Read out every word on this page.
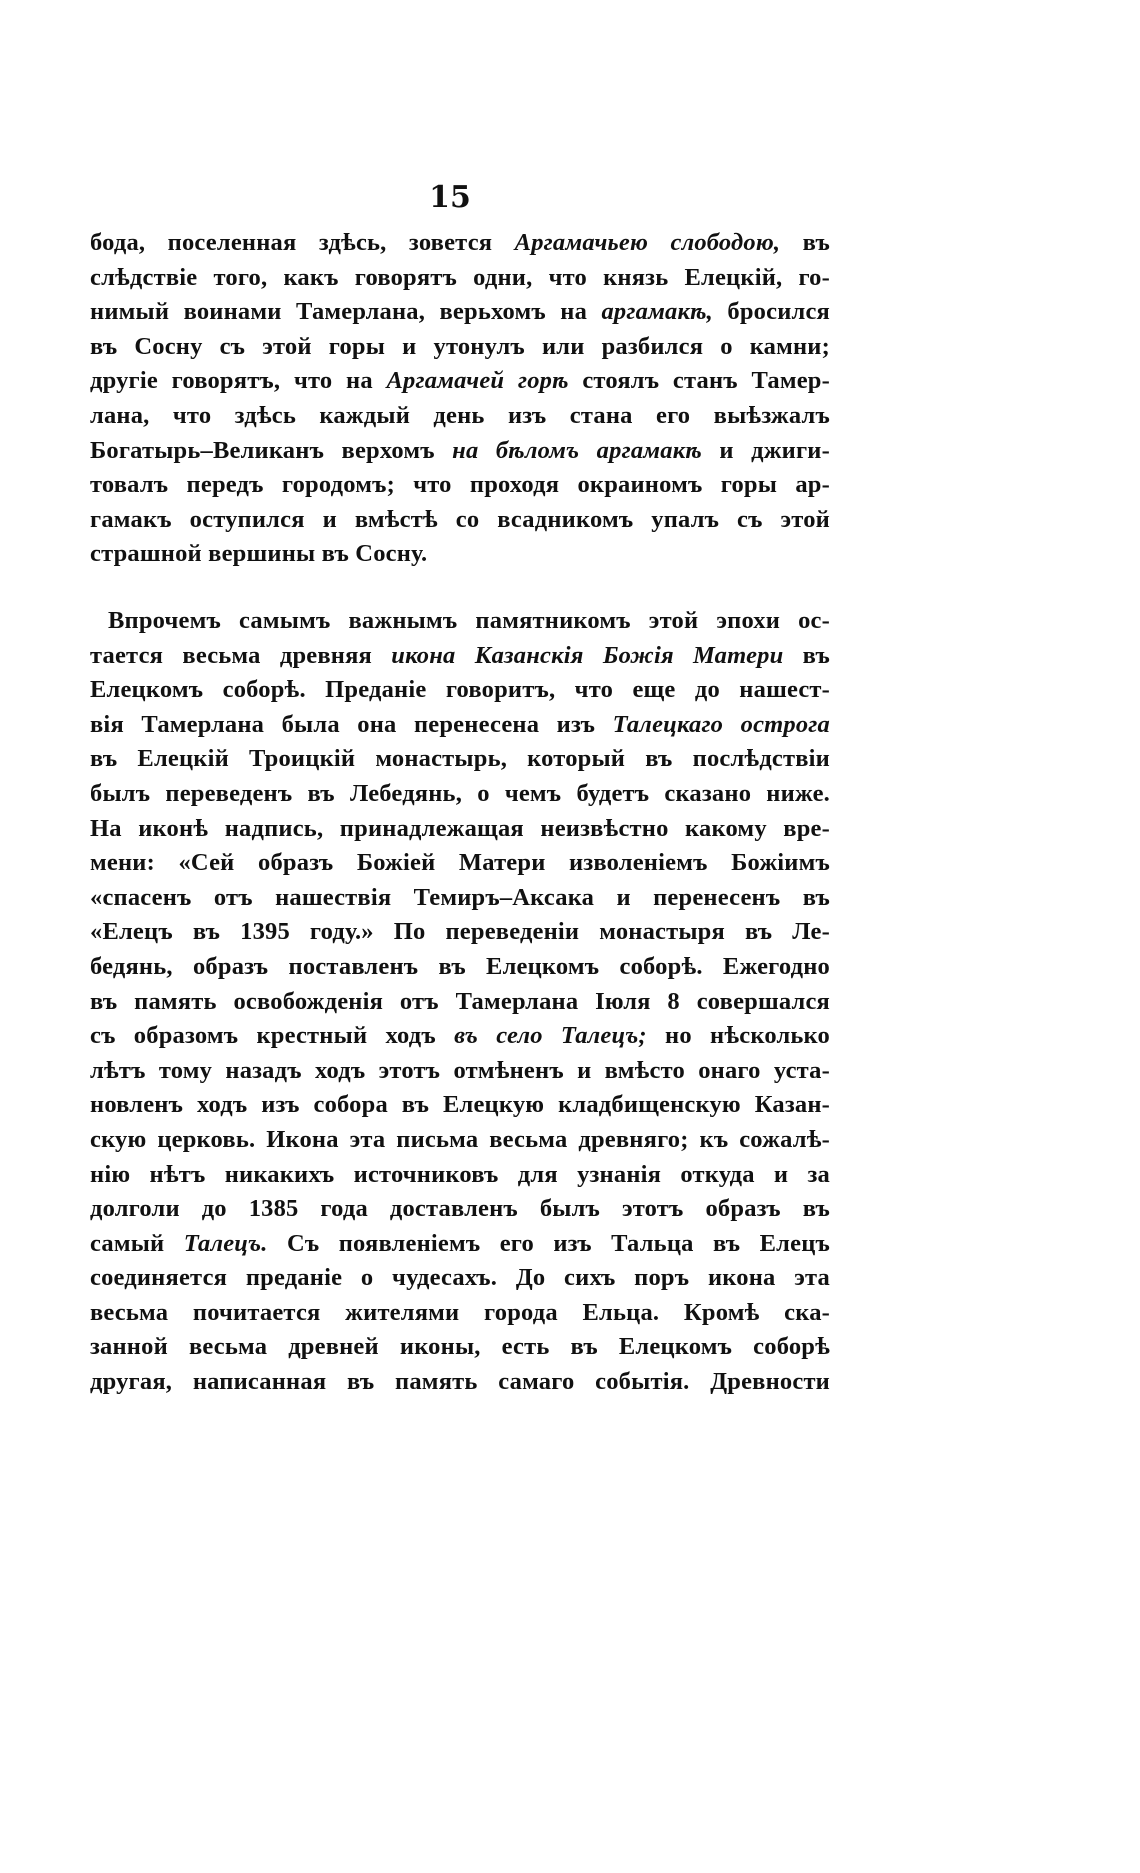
15
бода, поселенная здѣсь, зовется Аргамачьею слободою, въ
слѣдствіе того, какъ говорятъ одни, что князь Елецкій, го-
нимый воинами Тамерлана, верьхомъ на аргамакѣ, бросился
въ Сосну съ этой горы и утонулъ или разбился о камни;
другіе говорятъ, что на Аргамачей горѣ стоялъ станъ Тамер-
лана, что здѣсь каждый день изъ стана его выѣзжалъ
Богатырь–Великанъ верхомъ на бѣломъ аргамакѣ и джиги-
товалъ передъ городомъ; что проходя окраиномъ горы ар-
гамакъ оступился и вмѣстѣ со всадникомъ упалъ съ этой
страшной вершины въ Сосну.
Впрочемъ самымъ важнымъ памятникомъ этой эпохи ос-
тается весьма древняя икона Казанскія Божія Матери въ
Елецкомъ соборѣ. Преданіе говоритъ, что еще до нашест-
вія Тамерлана была она перенесена изъ Талецкаго острога
въ Елецкій Троицкій монастырь, который въ послѣдствіи
былъ переведенъ въ Лебедянь, о чемъ будетъ сказано ниже.
На иконѣ надпись, принадлежащая неизвѣстно какому вре-
мени: «Сей образъ Божіей Матери изволеніемъ Божіимъ
«спасенъ отъ нашествія Темиръ–Аксака и перенесенъ въ
«Елецъ въ 1395 году.» По переведеніи монастыря въ Ле-
бедянь, образъ поставленъ въ Елецкомъ соборѣ. Ежегодно
въ память освобожденія отъ Тамерлана Іюля 8 совершался
съ образомъ крестный ходъ въ село Талецъ; но нѣсколько
лѣтъ тому назадъ ходъ этотъ отмѣненъ и вмѣсто онаго уста-
новленъ ходъ изъ собора въ Елецкую кладбищенскую Казан-
скую церковь. Икона эта письма весьма древняго; къ сожалѣ-
нію нѣтъ никакихъ источниковъ для узнанія откуда и за
долголи до 1385 года доставленъ былъ этотъ образъ въ
самый Талецъ. Съ появленіемъ его изъ Тальца въ Елецъ
соединяется преданіе о чудесахъ. До сихъ поръ икона эта
весьма почитается жителями города Ельца. Кромѣ ска-
занной весьма древней иконы, есть въ Елецкомъ соборѣ
другая, написанная въ память самаго событія. Древности
